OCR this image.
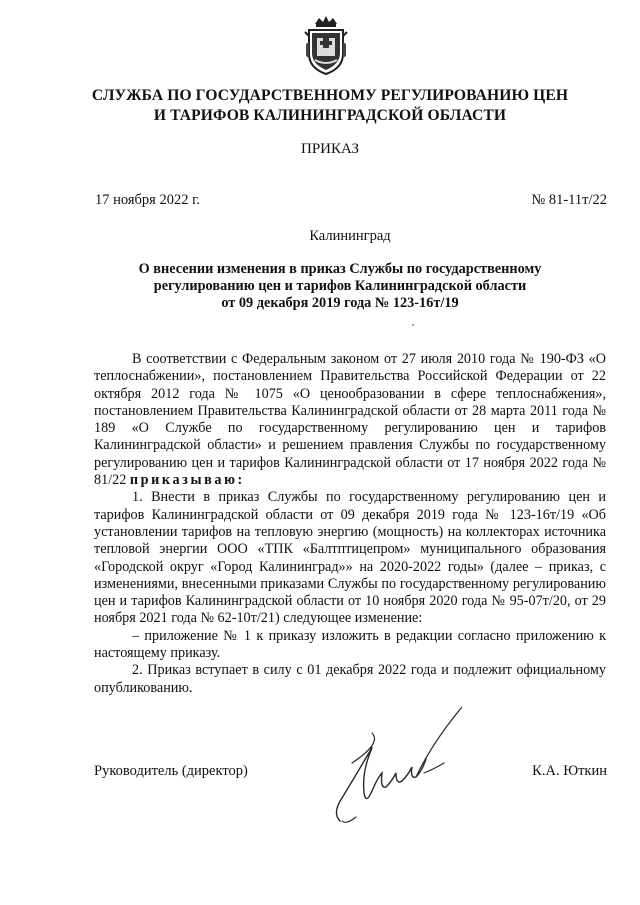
СЛУЖБА ПО ГОСУДАРСТВЕННОМУ РЕГУЛИРОВАНИЮ ЦЕН
И ТАРИФОВ КАЛИНИНГРАДСКОЙ ОБЛАСТИ
ПРИКАЗ
17 ноября 2022 г.	№ 81-11т/22
Калининград
О внесении изменения в приказ Службы по государственному
регулированию цен и тарифов Калининградской области
от 09 декабря 2019 года № 123-16т/19

В соответствии с Федеральным законом от 27 июля 2010 года № 190-ФЗ «О теплоснабжении», постановлением Правительства Российской Федерации от 22 октября 2012 года № 1075 «О ценообразовании в сфере теплоснабжения», постановлением Правительства Калининградской области от 28 марта 2011 года № 189 «О Службе по государственному регулированию цен и тарифов Калининградской области» и решением правления Службы по государственному регулированию цен и тарифов Калининградской области от 17 ноября 2022 года № 81/22 приказываю:

1. Внести в приказ Службы по государственному регулированию цен и тарифов Калининградской области от 09 декабря 2019 года № 123-16т/19 «Об установлении тарифов на тепловую энергию (мощность) на коллекторах источника тепловой энергии ООО «ТПК «Балтптицепром» муниципального образования «Городской округ «Город Калининград»» на 2020-2022 годы» (далее – приказ, с изменениями, внесенными приказами Службы по государственному регулированию цен и тарифов Калининградской области от 10 ноября 2020 года № 95-07т/20, от 29 ноября 2021 года № 62-10т/21) следующее изменение:

– приложение № 1 к приказу изложить в редакции согласно приложению к настоящему приказу.

2. Приказ вступает в силу с 01 декабря 2022 года и подлежит официальному опубликованию.

Руководитель (директор)	К.А. Юткин
